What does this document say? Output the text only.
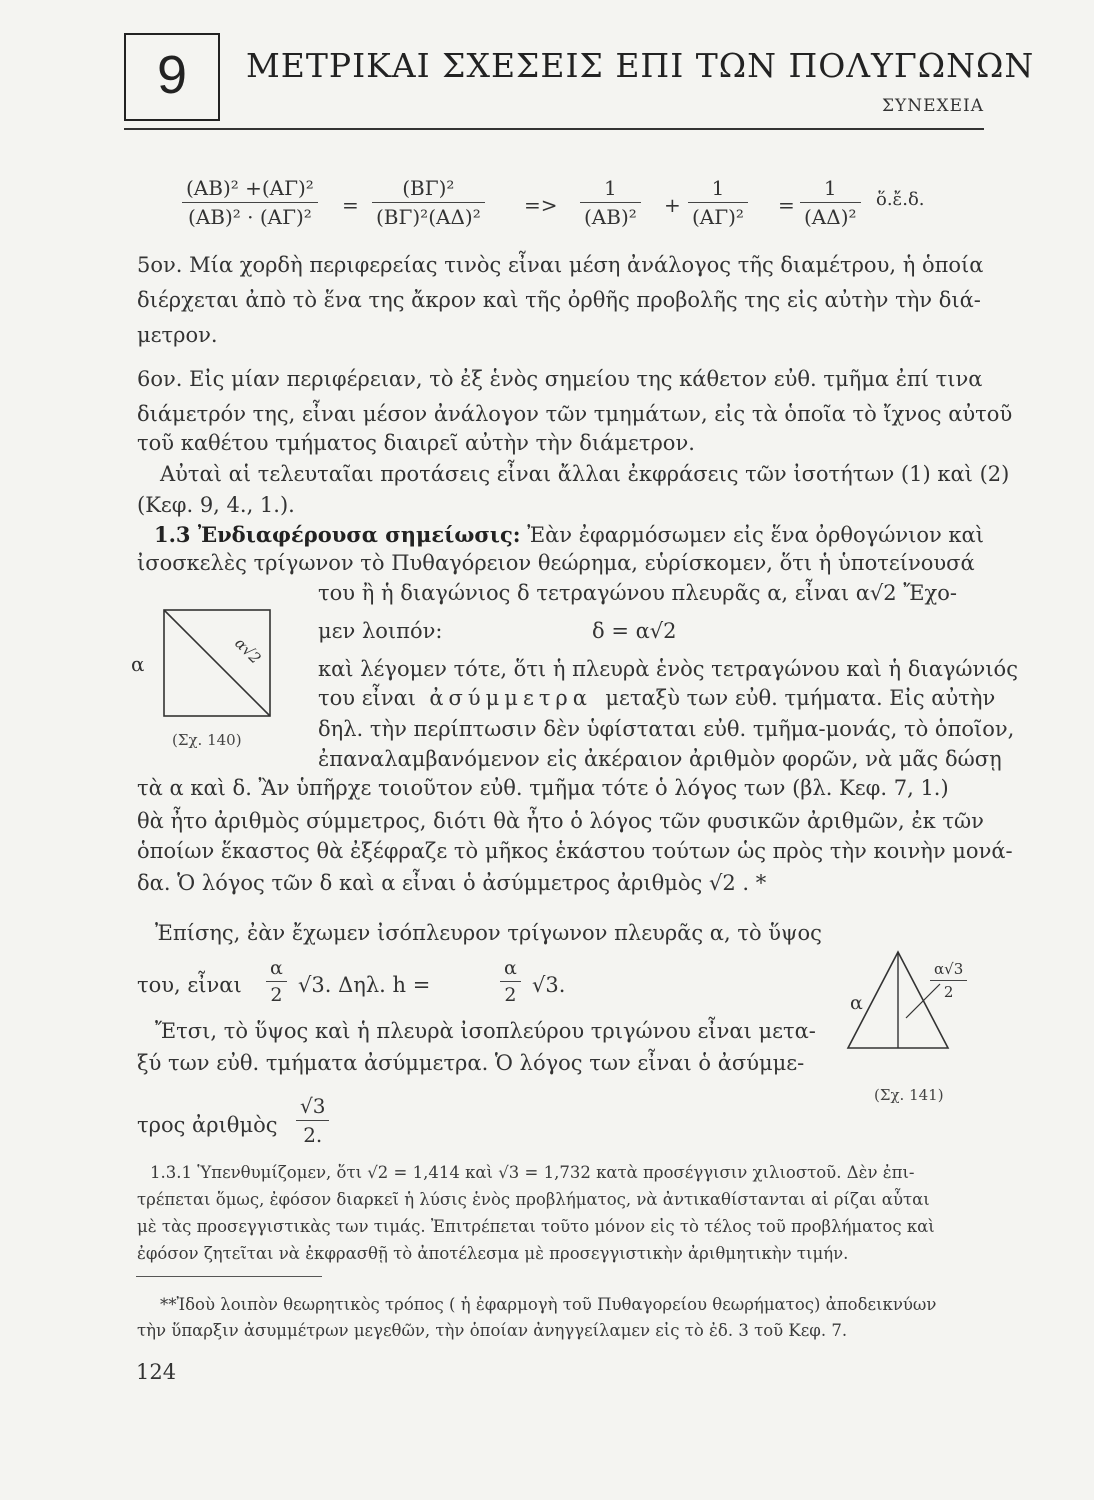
9	ΜΕΤΡΙΚΑΙ ΣΧΕΣΕΙΣ ΕΠΙ ΤΩΝ ΠΟΛΥΓΩΝΩΝ
ΣΥΝΕΧΕΙΑ
$\frac{\text{(ΑΒ)² +(ΑΓ)²}}{\text{(ΑΒ)² · (ΑΓ)²}} = \frac{\text{(ΒΓ)²}}{\text{(ΒΓ)²(ΑΔ)²}} => \frac{1}{\text{(ΑΒ)²}} + \frac{1}{\text{(ΑΓ)²}} = \frac{1}{\text{(ΑΔ)²}}$ ὅ.ἔ.δ.
5ον. Μία χορδὴ περιφερείας τινὸς εἶναι μέση ἀνάλογος τῆς διαμέτρου, ἡ ὁποία
διέρχεται ἀπὸ τὸ ἕνα της ἄκρον καὶ τῆς ὀρθῆς προβολῆς της εἰς αὐτὴν τὴν διά-
μετρον.
6ον. Εἰς μίαν περιφέρειαν, τὸ ἐξ ἑνὸς σημείου της κάθετον εὐθ. τμῆμα ἐπί τινα
διάμετρόν της, εἶναι μέσον ἀνάλογον τῶν τμημάτων, εἰς τὰ ὁποῖα τὸ ἴχνος αὐτοῦ
τοῦ καθέτου τμήματος διαιρεῖ αὐτὴν τὴν διάμετρον.
Αὐταὶ αἱ τελευταῖαι προτάσεις εἶναι ἄλλαι ἐκφράσεις τῶν ἰσοτήτων (1) καὶ (2)
(Κεφ. 9, 4., 1.).
1.3 Ἐνδιαφέρουσα σημείωσις: Ἐὰν ἐφαρμόσωμεν εἰς ἕνα ὀρθογώνιον καὶ
ἰσοσκελὲς τρίγωνον τὸ Πυθαγόρειον θεώρημα, εὑρίσκομεν, ὅτι ἡ ὑποτείνουσά
του ἢ ἡ διαγώνιος δ τετραγώνου πλευρᾶς α, εἶναι α√2 Ἔχο-
μεν λοιπόν:	δ = α√2
καὶ λέγομεν τότε, ὅτι ἡ πλευρὰ ἑνὸς τετραγώνου καὶ ἡ διαγώνιός
του εἶναι ἀσύμμετρα μεταξὺ των εὐθ. τμήματα. Εἰς αὐτὴν
δηλ. τὴν περίπτωσιν δὲν ὑφίσταται εὐθ. τμῆμα-μονάς, τὸ ὁποῖον,
ἐπαναλαμβανόμενον εἰς ἀκέραιον ἀριθμὸν φορῶν, νὰ μᾶς δώσῃ
τὰ α καὶ δ. Ἂν ὑπῆρχε τοιοῦτον εὐθ. τμῆμα τότε ὁ λόγος των (βλ. Κεφ. 7, 1.)
θὰ ἦτο ἀριθμὸς σύμμετρος, διότι θὰ ἦτο ὁ λόγος τῶν φυσικῶν ἀριθμῶν, ἐκ τῶν
ὁποίων ἕκαστος θὰ ἐξέφραζε τὸ μῆκος ἑκάστου τούτων ὡς πρὸς τὴν κοινὴν μονά-
δα. Ὁ λόγος τῶν δ καὶ α εἶναι ὁ ἀσύμμετρος ἀριθμὸς √2 . *
α√2
α
(Σχ. 140)
Ἐπίσης, ἐὰν ἔχωμεν ἰσόπλευρον τρίγωνον πλευρᾶς α, τὸ ὕψος
του, εἶναι $\frac{\alpha}{2} √3$. Δηλ. h =	$\frac{\alpha}{2} √3$.
Ἔτσι, τὸ ὕψος καὶ ἡ πλευρὰ ἰσοπλεύρου τριγώνου εἶναι μετα-
ξύ των εὐθ. τμήματα ἀσύμμετρα. Ὁ λόγος των εἶναι ὁ ἀσύμμε-
τρος ἀριθμὸς $\frac{√3}{2.}$
α
$\frac{\alpha√3}{2}$
(Σχ. 141)
1.3.1 Ὑπενθυμίζομεν, ὅτι √2 = 1,414 καὶ √3 = 1,732 κατὰ προσέγγισιν χιλιοστοῦ. Δὲν ἐπι-
τρέπεται ὅμως, ἐφόσον διαρκεῖ ἡ λύσις ἑνὸς προβλήματος, νὰ ἀντικαθίστανται αἱ ρίζαι αὗται
μὲ τὰς προσεγγιστικὰς των τιμάς. Ἐπιτρέπεται τοῦτο μόνον εἰς τὸ τέλος τοῦ προβλήματος καὶ
ἐφόσον ζητεῖται νὰ ἐκφρασθῇ τὸ ἀποτέλεσμα μὲ προσεγγιστικὴν ἀριθμητικὴν τιμήν.
**Ἰδοὺ λοιπὸν θεωρητικὸς τρόπος ( ἡ ἐφαρμογὴ τοῦ Πυθαγορείου θεωρήματος) ἀποδεικνύων
τὴν ὕπαρξιν ἀσυμμέτρων μεγεθῶν, τὴν ὁποίαν ἀνηγγείλαμεν εἰς τὸ ἐδ. 3 τοῦ Κεφ. 7.
124
